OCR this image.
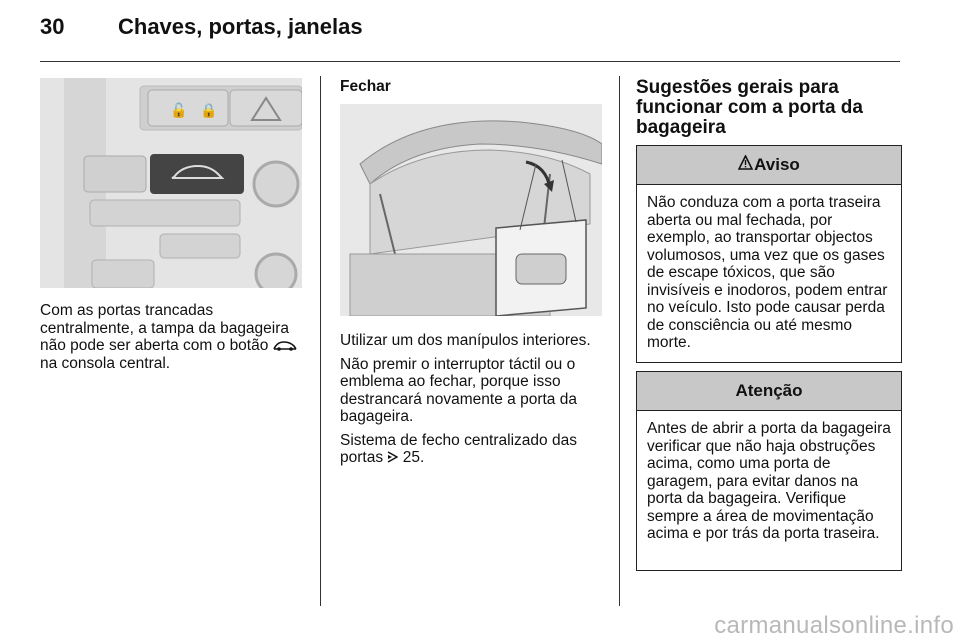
30 Chaves, portas, janelas
🔓 🔒

Com as portas trancadas centralmente, a tampa da bagageira não pode ser aberta com o botão  na consola central.

Fechar

Utilizar um dos manípulos interiores.

Não premir o interruptor táctil ou o emblema ao fechar, porque isso destrancará novamente a porta da bagageira.

Sistema de fecho centralizado das portas  25.

Sugestões gerais para funcionar com a porta da bagageira
Aviso
Não conduza com a porta traseira aberta ou mal fechada, por exemplo, ao transportar objectos volumosos, uma vez que os gases de escape tóxicos, que são invisíveis e inodoros, podem entrar no veículo. Isto pode causar perda de consciência ou até mesmo morte.
Atenção
Antes de abrir a porta da bagageira verificar que não haja obstruções acima, como uma porta de garagem, para evitar danos na porta da bagageira. Verifique sempre a área de movimentação acima e por trás da porta traseira.
carmanualsonline.info
